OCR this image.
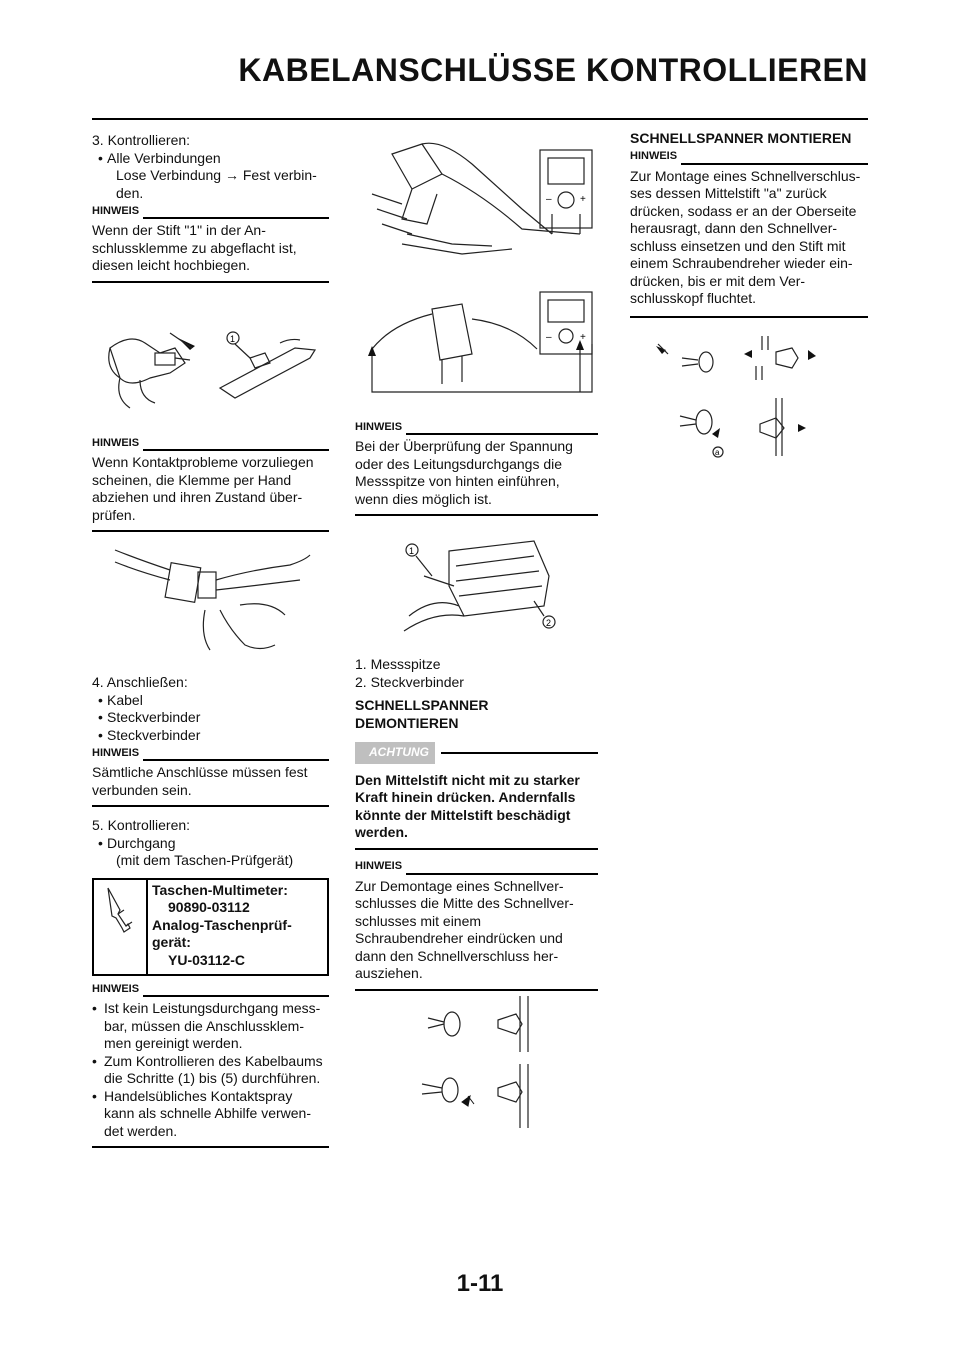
KABELANSCHLÜSSE KONTROLLIEREN
3. Kontrollieren:
• Alle Verbindungen
Lose Verbindung → Fest verbin-
den.
HINWEIS
Wenn der Stift "1" in der An-
schlussklemme zu abgeflacht ist,
diesen leicht hochbiegen.
1
HINWEIS
Wenn Kontaktprobleme vorzuliegen
scheinen, die Klemme per Hand
abziehen und ihren Zustand über-
prüfen.
4. Anschließen:
• Kabel
• Steckverbinder
• Steckverbinder
HINWEIS
Sämtliche Anschlüsse müssen fest
verbunden sein.
5. Kontrollieren:
• Durchgang
(mit dem Taschen-Prüfgerät)
Taschen-Multimeter:
90890-03112
Analog-Taschenprüf-
gerät:
YU-03112-C
HINWEIS
• Ist kein Leistungsdurchgang mess-
bar, müssen die Anschlussklem-
men gereinigt werden.
• Zum Kontrollieren des Kabelbaums
die Schritte (1) bis (5) durchführen.
• Handelsübliches Kontaktspray
kann als schnelle Abhilfe verwen-
det werden.
–	+
–	+
HINWEIS
Bei der Überprüfung der Spannung
oder des Leitungsdurchgangs die
Messspitze von hinten einführen,
wenn dies möglich ist.
1
2
1. Messspitze
2. Steckverbinder
SCHNELLSPANNER
DEMONTIEREN
ACHTUNG
Den Mittelstift nicht mit zu starker
Kraft hinein drücken. Andernfalls
könnte der Mittelstift beschädigt
werden.
HINWEIS
Zur Demontage eines Schnellver-
schlusses die Mitte des Schnellver-
schlusses mit einem
Schraubendreher eindrücken und
dann den Schnellverschluss her-
ausziehen.
SCHNELLSPANNER MONTIEREN
HINWEIS
Zur Montage eines Schnellverschlus-
ses dessen Mittelstift "a" zurück
drücken, sodass er an der Oberseite
herausragt, dann den Schnellver-
schluss einsetzen und den Stift mit
einem Schraubendreher wieder ein-
drücken, bis er mit dem Ver-
schlusskopf fluchtet.
a
1-11
